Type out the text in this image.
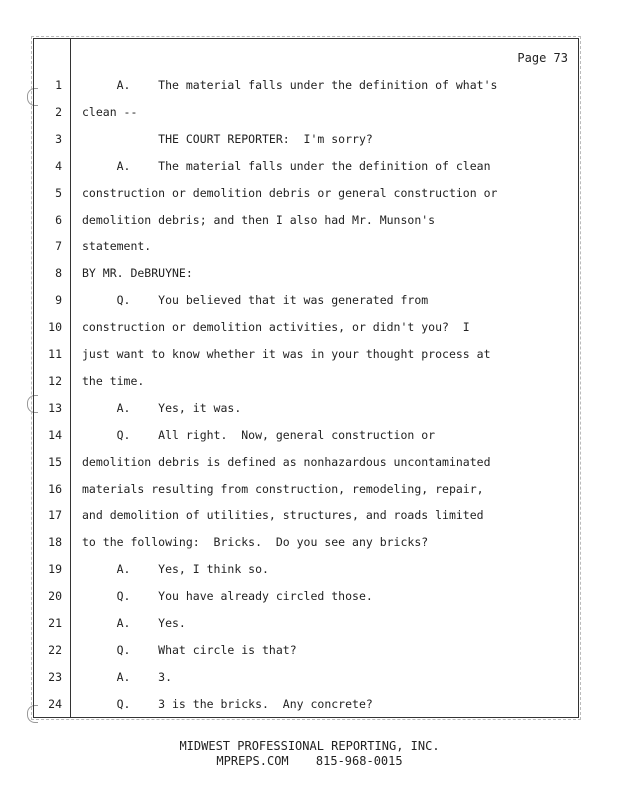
Page 73
1 A.    The material falls under the definition of what's
2 clean --
3 THE COURT REPORTER:  I'm sorry?
4 A.    The material falls under the definition of clean
5 construction or demolition debris or general construction or
6 demolition debris; and then I also had Mr. Munson's
7 statement.
8 BY MR. DeBRUYNE:
9 Q.    You believed that it was generated from
10 construction or demolition activities, or didn't you?  I
11 just want to know whether it was in your thought process at
12 the time.
13 A.    Yes, it was.
14 Q.    All right.  Now, general construction or
15 demolition debris is defined as nonhazardous uncontaminated
16 materials resulting from construction, remodeling, repair,
17 and demolition of utilities, structures, and roads limited
18 to the following:  Bricks.  Do you see any bricks?
19 A.    Yes, I think so.
20 Q.    You have already circled those.
21 A.    Yes.
22 Q.    What circle is that?
23 A.    3.
24 Q.    3 is the bricks.  Any concrete?
MIDWEST PROFESSIONAL REPORTING, INC.
MPREPS.COM 815-968-0015
